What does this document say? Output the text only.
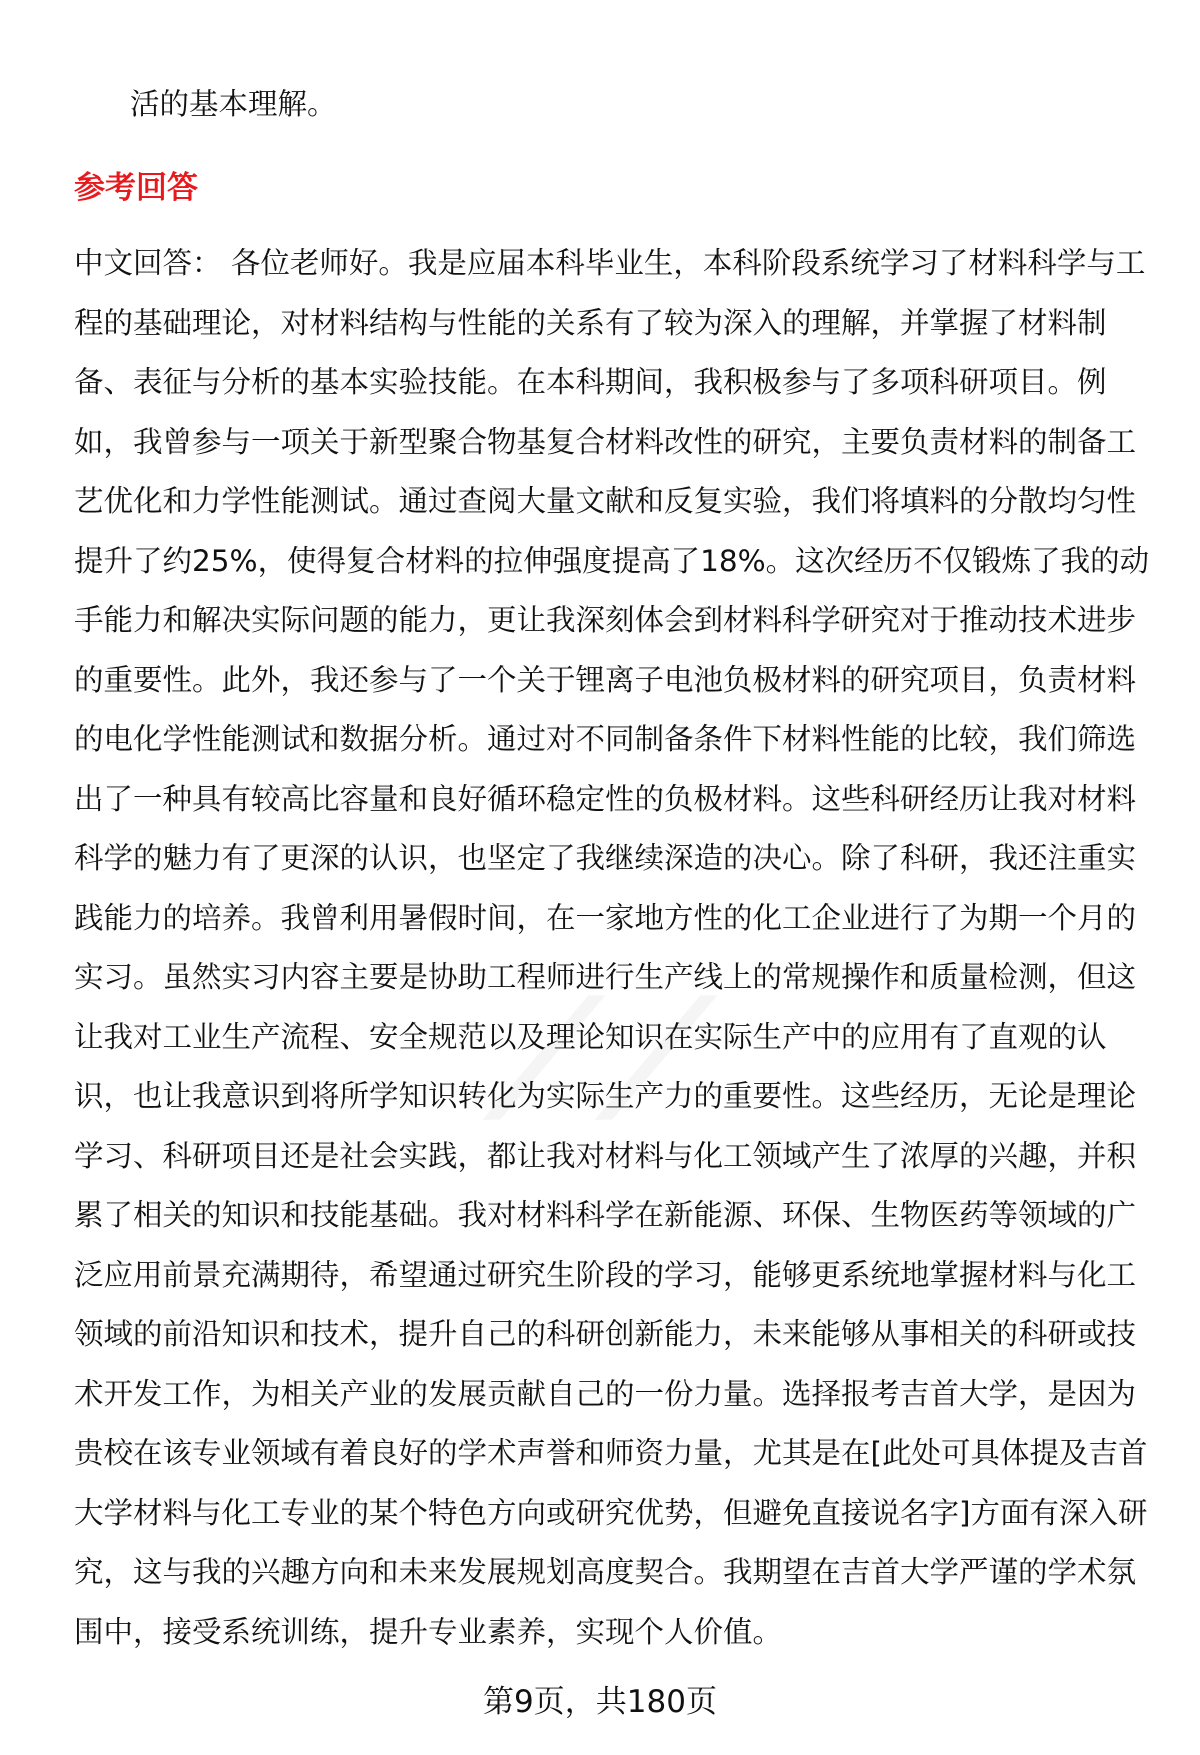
活的基本理解。
参考回答
中文回答： 各位老师好。我是应届本科毕业生，本科阶段系统学习了材料科学与工
程的基础理论，对材料结构与性能的关系有了较为深入的理解，并掌握了材料制
备、表征与分析的基本实验技能。在本科期间，我积极参与了多项科研项目。例
如，我曾参与一项关于新型聚合物基复合材料改性的研究，主要负责材料的制备工
艺优化和力学性能测试。通过查阅大量文献和反复实验，我们将填料的分散均匀性
提升了约25%，使得复合材料的拉伸强度提高了18%。这次经历不仅锻炼了我的动
手能力和解决实际问题的能力，更让我深刻体会到材料科学研究对于推动技术进步
的重要性。此外，我还参与了一个关于锂离子电池负极材料的研究项目，负责材料
的电化学性能测试和数据分析。通过对不同制备条件下材料性能的比较，我们筛选
出了一种具有较高比容量和良好循环稳定性的负极材料。这些科研经历让我对材料
科学的魅力有了更深的认识，也坚定了我继续深造的决心。除了科研，我还注重实
践能力的培养。我曾利用暑假时间，在一家地方性的化工企业进行了为期一个月的
实习。虽然实习内容主要是协助工程师进行生产线上的常规操作和质量检测，但这
让我对工业生产流程、安全规范以及理论知识在实际生产中的应用有了直观的认
识，也让我意识到将所学知识转化为实际生产力的重要性。这些经历，无论是理论
学习、科研项目还是社会实践，都让我对材料与化工领域产生了浓厚的兴趣，并积
累了相关的知识和技能基础。我对材料科学在新能源、环保、生物医药等领域的广
泛应用前景充满期待，希望通过研究生阶段的学习，能够更系统地掌握材料与化工
领域的前沿知识和技术，提升自己的科研创新能力，未来能够从事相关的科研或技
术开发工作，为相关产业的发展贡献自己的一份力量。选择报考吉首大学，是因为
贵校在该专业领域有着良好的学术声誉和师资力量，尤其是在[此处可具体提及吉首
大学材料与化工专业的某个特色方向或研究优势，但避免直接说名字]方面有深入研
究，这与我的兴趣方向和未来发展规划高度契合。我期望在吉首大学严谨的学术氛
围中，接受系统训练，提升专业素养，实现个人价值。
第9页，共180页
